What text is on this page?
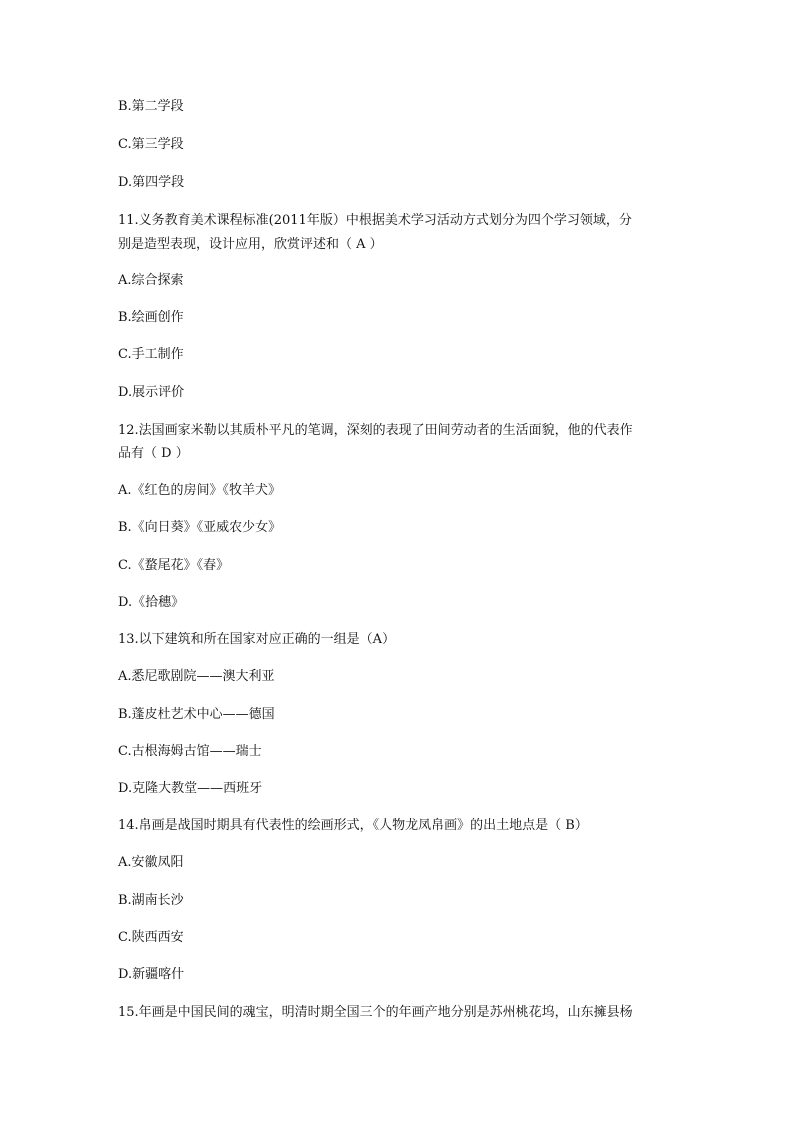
B.第二学段
C.第三学段
D.第四学段
11.义务教育美术课程标准(2011年版）中根据美术学习活动方式划分为四个学习领域，分
别是造型表现，设计应用，欣赏评述和（ A ）
A.综合探索
B.绘画创作
C.手工制作
D.展示评价
12.法国画家米勒以其质朴平凡的笔调，深刻的表现了田间劳动者的生活面貌，他的代表作
品有（ D ）
A.《红色的房间》《牧羊犬》
B.《向日葵》《亚威农少女》
C.《蝥尾花》《春》
D.《拾穗》
13.以下建筑和所在国家对应正确的一组是（A）
A.悉尼歌剧院——澳大利亚
B.蓬皮杜艺术中心——德国
C.古根海姆古馆——瑞士
D.克隆大教堂——西班牙
14.帛画是战国时期具有代表性的绘画形式，《人物龙凤帛画》的出土地点是（ B）
A.安徽凤阳
B.湖南长沙
C.陕西西安
D.新疆喀什
15.年画是中国民间的魂宝，明清时期全国三个的年画产地分别是苏州桃花坞，山东擁县杨
